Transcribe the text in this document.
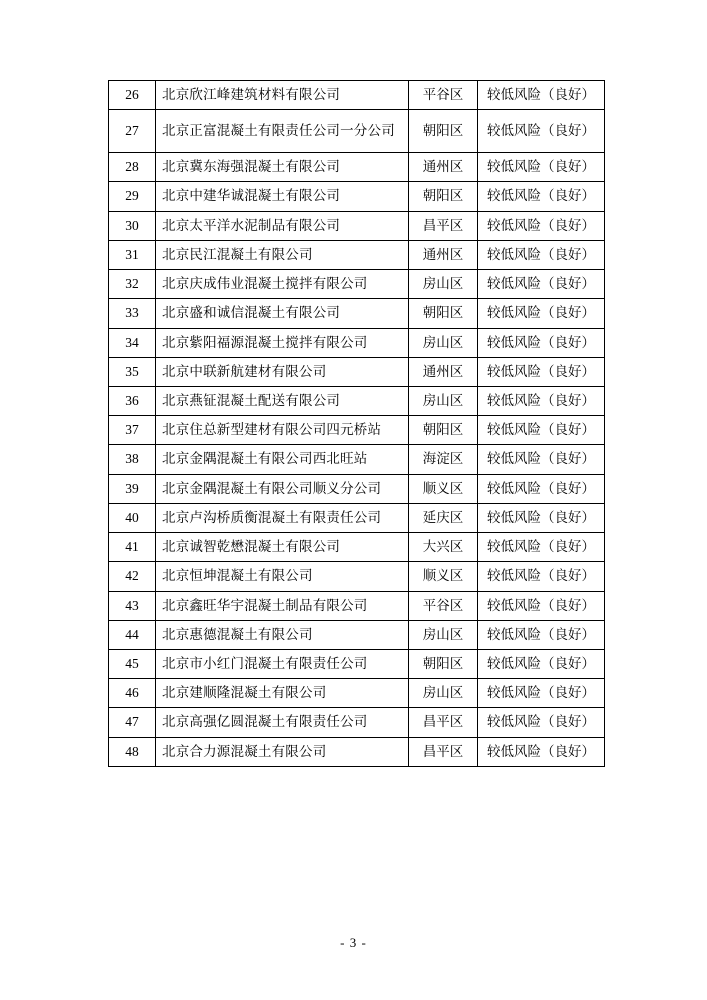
26	北京欣江峰建筑材料有限公司	平谷区	较低风险（良好）

27	北京正富混凝土有限责任公司一分公司	朝阳区	较低风险（良好）

28	北京冀东海强混凝土有限公司	通州区	较低风险（良好）

29	北京中建华诚混凝土有限公司	朝阳区	较低风险（良好）

30	北京太平洋水泥制品有限公司	昌平区	较低风险（良好）

31	北京民江混凝土有限公司	通州区	较低风险（良好）

32	北京庆成伟业混凝土搅拌有限公司	房山区	较低风险（良好）

33	北京盛和诚信混凝土有限公司	朝阳区	较低风险（良好）

34	北京紫阳福源混凝土搅拌有限公司	房山区	较低风险（良好）

35	北京中联新航建材有限公司	通州区	较低风险（良好）

36	北京燕钲混凝土配送有限公司	房山区	较低风险（良好）

37	北京住总新型建材有限公司四元桥站	朝阳区	较低风险（良好）

38	北京金隅混凝土有限公司西北旺站	海淀区	较低风险（良好）

39	北京金隅混凝土有限公司顺义分公司	顺义区	较低风险（良好）

40	北京卢沟桥质衡混凝土有限责任公司	延庆区	较低风险（良好）

41	北京诚智乾懋混凝土有限公司	大兴区	较低风险（良好）

42	北京恒坤混凝土有限公司	顺义区	较低风险（良好）

43	北京鑫旺华宇混凝土制品有限公司	平谷区	较低风险（良好）

44	北京惠德混凝土有限公司	房山区	较低风险（良好）

45	北京市小红门混凝土有限责任公司	朝阳区	较低风险（良好）

46	北京建顺隆混凝土有限公司	房山区	较低风险（良好）

47	北京高强亿圆混凝土有限责任公司	昌平区	较低风险（良好）

48	北京合力源混凝土有限公司	昌平区	较低风险（良好）
- 3 -
